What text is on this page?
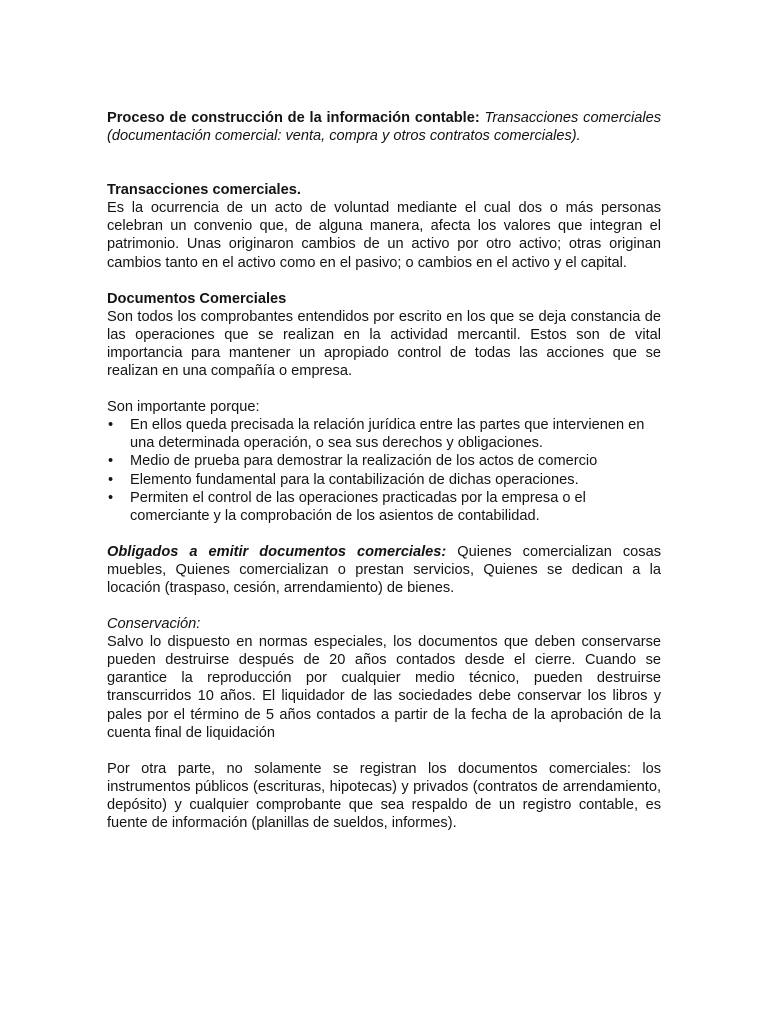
Proceso de construcción de la información contable: Transacciones comerciales (documentación comercial: venta, compra y otros contratos comerciales).

Transacciones comerciales.

Es la ocurrencia de un acto de voluntad mediante el cual dos o más personas celebran un convenio que, de alguna manera, afecta los valores que integran el patrimonio. Unas originaron cambios de un activo por otro activo; otras originan cambios tanto en el activo como en el pasivo; o cambios en el activo y el capital.

Documentos Comerciales

Son todos los comprobantes entendidos por escrito en los que se deja constancia de las operaciones que se realizan en la actividad mercantil. Estos son de vital importancia para mantener un apropiado control de todas las acciones que se realizan en una compañía o empresa.

Son importante porque:

• En ellos queda precisada la relación jurídica entre las partes que intervienen en una determinada operación, o sea sus derechos y obligaciones.
• Medio de prueba para demostrar la realización de los actos de comercio
• Elemento fundamental para la contabilización de dichas operaciones.
• Permiten el control de las operaciones practicadas por la empresa o el comerciante y la comprobación de los asientos de contabilidad.

Obligados a emitir documentos comerciales: Quienes comercializan cosas muebles, Quienes comercializan o prestan servicios, Quienes se dedican a la locación (traspaso, cesión, arrendamiento) de bienes.

Conservación:

Salvo lo dispuesto en normas especiales, los documentos que deben conservarse pueden destruirse después de 20 años contados desde el cierre. Cuando se garantice la reproducción por cualquier medio técnico, pueden destruirse transcurridos 10 años. El liquidador de las sociedades debe conservar los libros y pales por el término de 5 años contados a partir de la fecha de la aprobación de la cuenta final de liquidación

Por otra parte, no solamente se registran los documentos comerciales: los instrumentos públicos (escrituras, hipotecas) y privados (contratos de arrendamiento, depósito) y cualquier comprobante que sea respaldo de un registro contable, es fuente de información (planillas de sueldos, informes).
